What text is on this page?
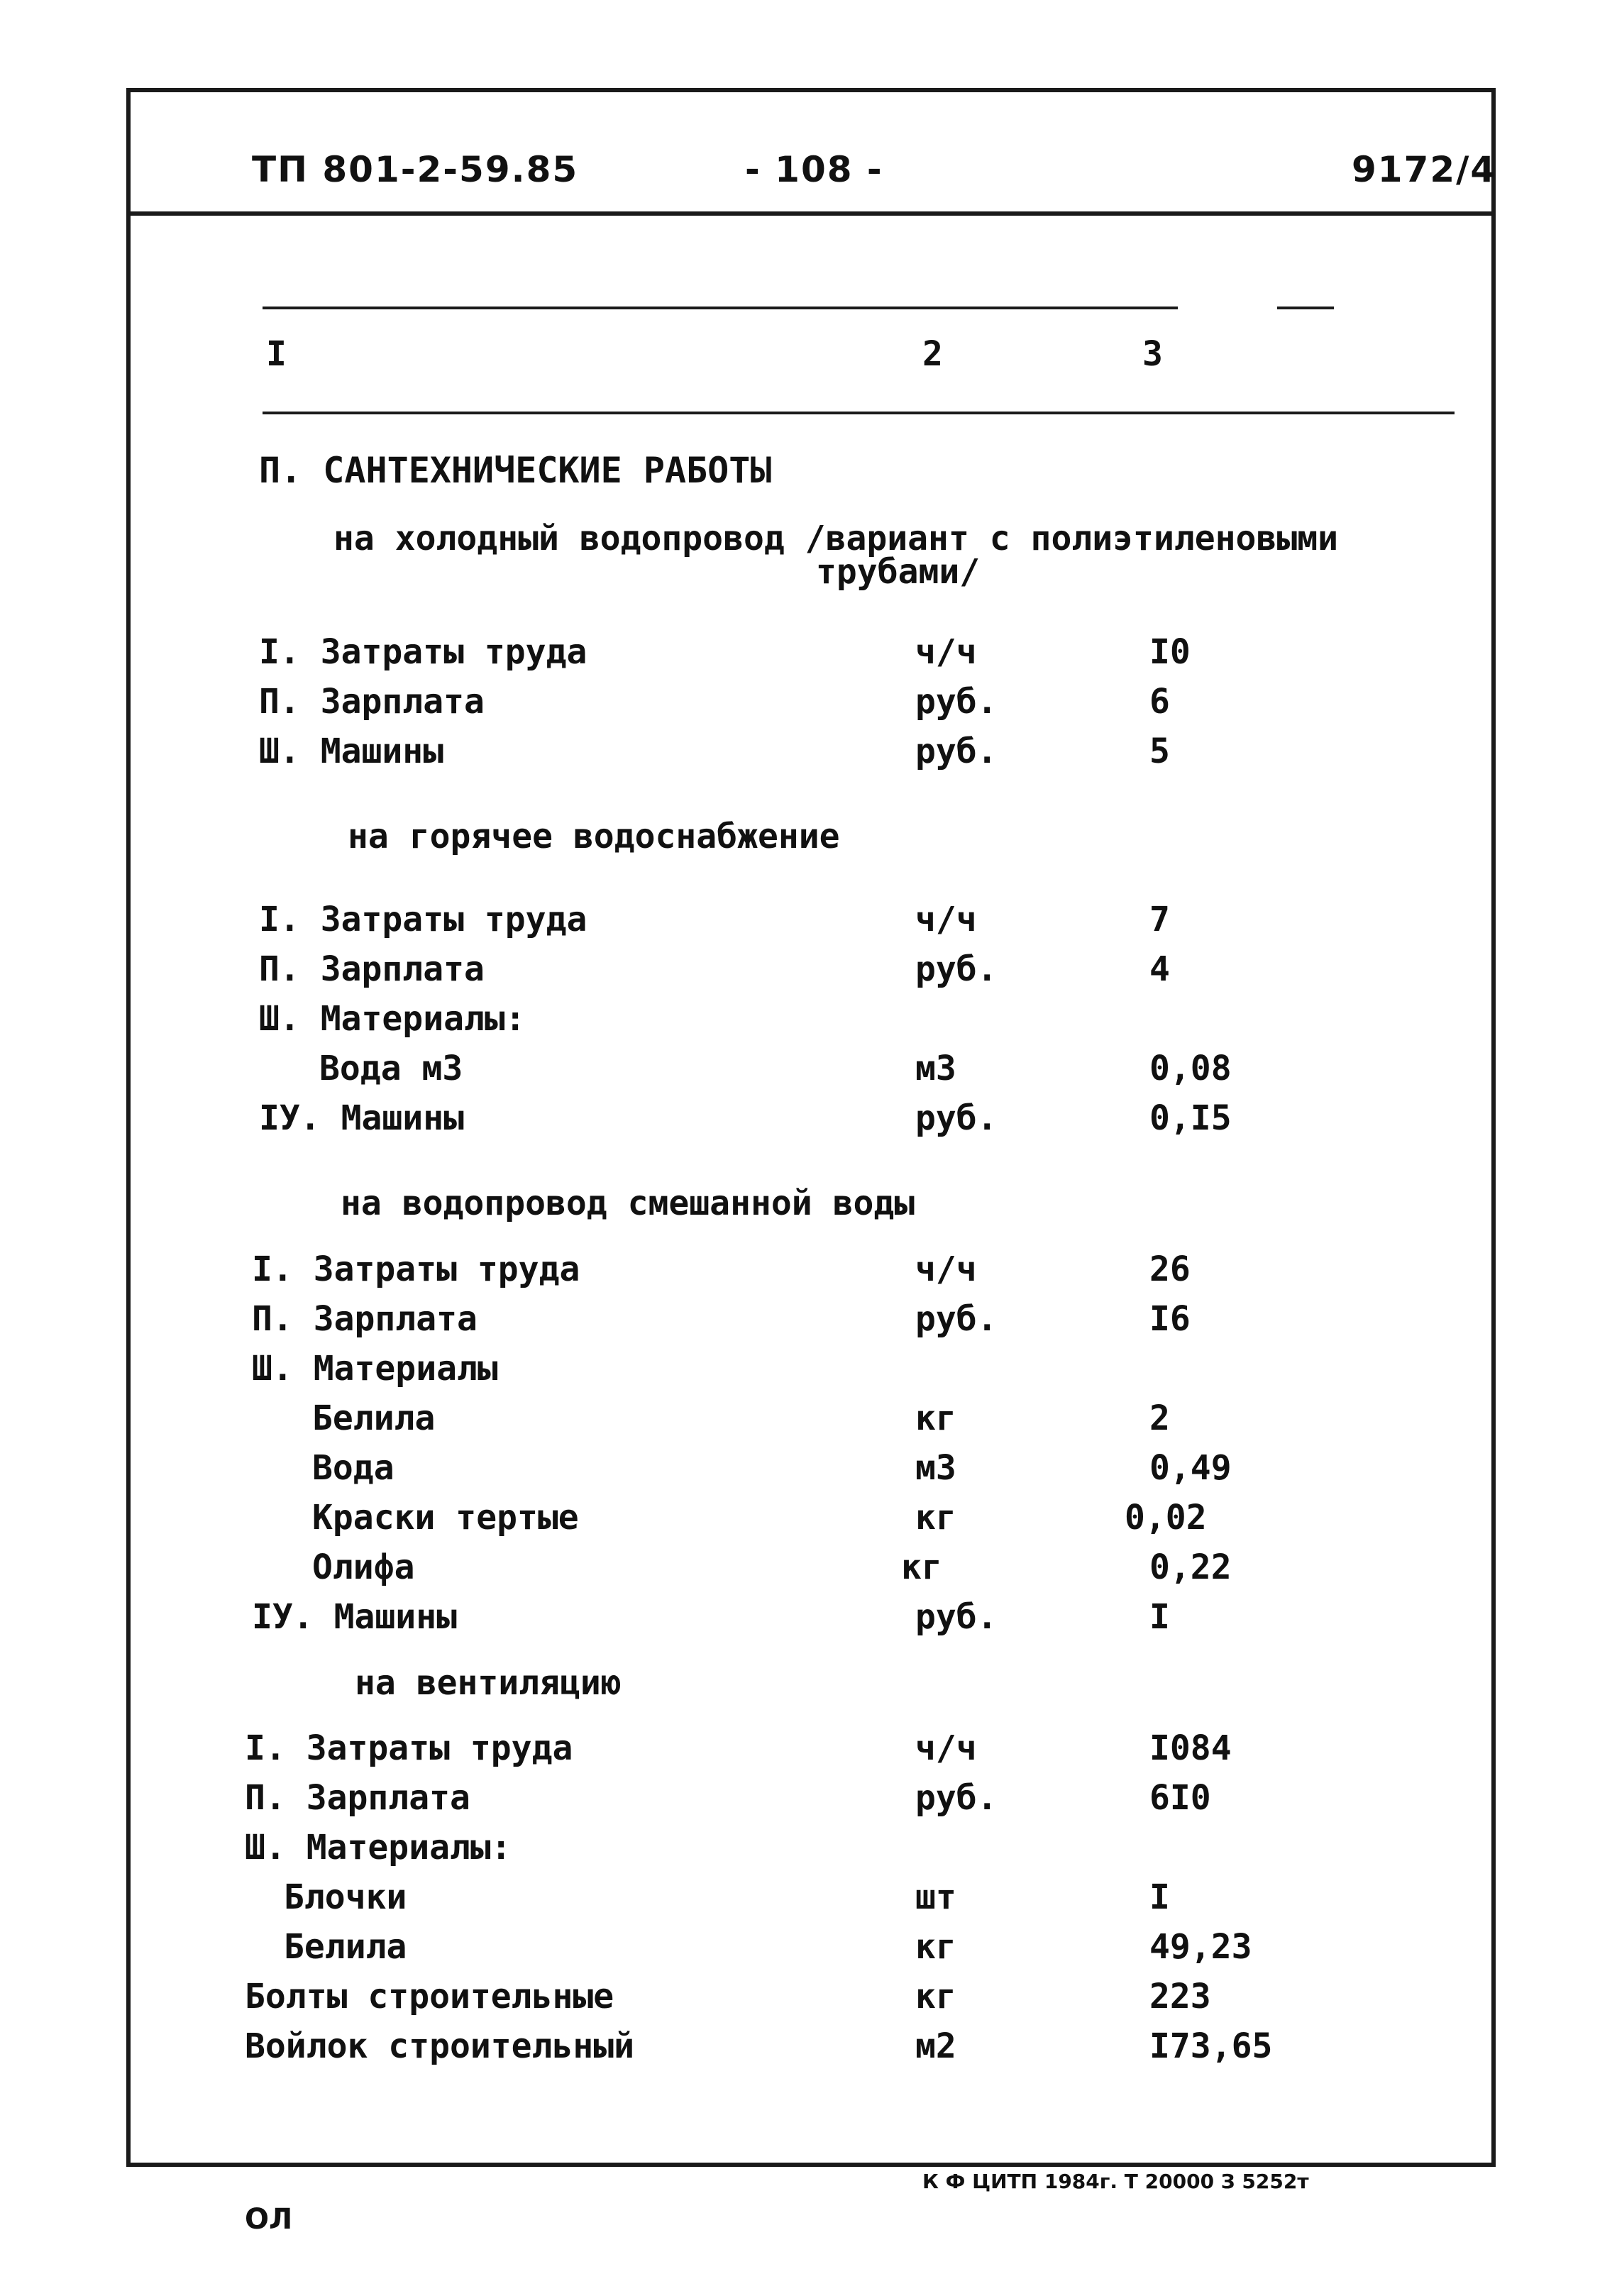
ТП 801-2-59.85	- 108 -	9172/4
I	2	3
П. САНТЕХНИЧЕСКИЕ РАБОТЫ
на холодный водопровод /вариант с полиэтиленовыми
трубами/
I. Затраты труда	ч/ч	I0
П. Зарплата	руб.	6
Ш. Машины	руб.	5
на горячее водоснабжение
I. Затраты труда	ч/ч	7
П. Зарплата	руб.	4
Ш. Материалы:
Вода м3	м3	0,08
IУ. Машины	руб.	0,I5
на водопровод смешанной воды
I. Затраты труда	ч/ч	26
П. Зарплата	руб.	I6
Ш. Материалы
Белила	кг	2
Вода	м3	0,49
Краски тертые	кг	0,02
Олифа	кг	0,22
IУ. Машины	руб.	I
на вентиляцию
I. Затраты труда	ч/ч	I084
П. Зарплата	руб.	6I0
Ш. Материалы:
Блочки	шт	I
Белила	кг	49,23
Болты строительные	кг	223
Войлок строительный	м2	I73,65
ОЛ
К Ф ЦИТП 1984г. Т 20000 З 5252т
